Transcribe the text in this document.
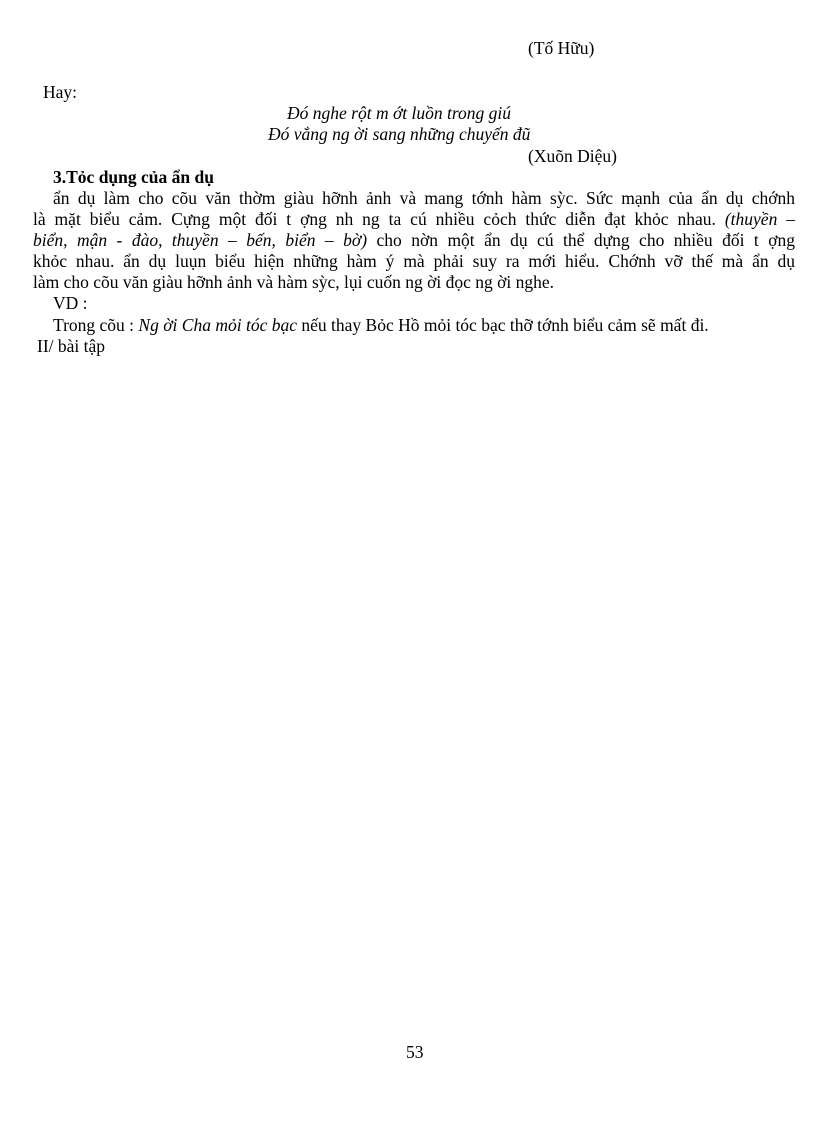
(Tố Hữu)
Hay:
Đó nghe rột m ớt luồn trong giú
Đó vắng ng ời sang những chuyến đũ
(Xuõn Diệu)
3.Tỏc dụng của ẩn dụ
ẩn dụ làm cho cõu văn thờm giàu hỡnh ảnh và mang tớnh hàm sỳc. Sức mạnh của ẩn dụ chớnh
là mặt biểu cảm. Cựng một đối t ợng nh ng ta cú nhiều cỏch thức diễn đạt khỏc nhau. (thuyền –
biển, mận - đào, thuyền – bến, biển – bờ) cho nờn một ẩn dụ cú thể dựng cho nhiều đối t ợng
khỏc nhau. ẩn dụ luụn biểu hiện những hàm ý mà phải suy ra mới hiểu. Chớnh vỡ thế mà ẩn dụ
làm cho cõu văn giàu hỡnh ảnh và hàm sỳc, lụi cuốn ng ời đọc ng ời nghe.
VD :
Trong cõu : Ng ời Cha mỏi tóc bạc nếu thay Bỏc Hồ mỏi tóc bạc thỡ tớnh biểu cảm sẽ mất đi.
II/ bài tập
53
